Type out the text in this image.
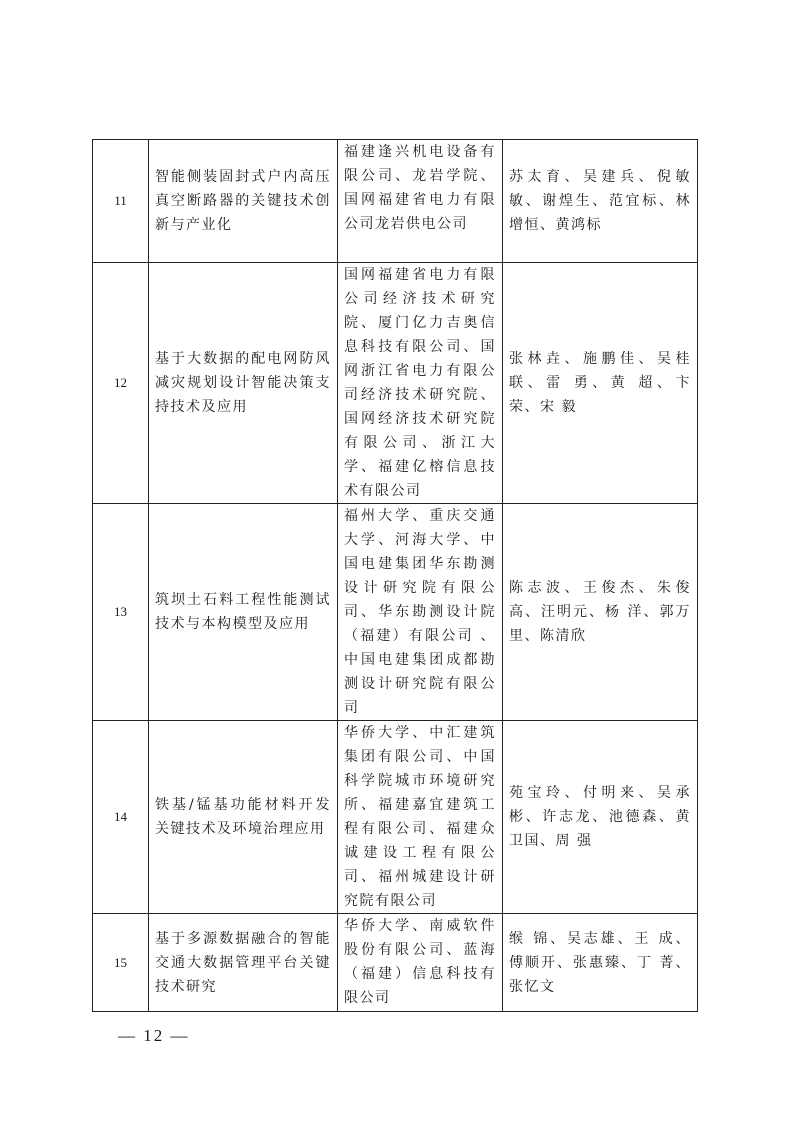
11	智能侧装固封式户内高压真空断路器的关键技术创新与产业化	福建逢兴机电设备有限公司、龙岩学院、国网福建省电力有限公司龙岩供电公司	苏太育、吴建兵、倪敏敏、谢煌生、范宜标、林增恒、黄鸿标
12	基于大数据的配电网防风减灾规划设计智能决策支持技术及应用	国网福建省电力有限公司经济技术研究院、厦门亿力吉奥信息科技有限公司、国网浙江省电力有限公司经济技术研究院、国网经济技术研究院有限公司、浙江大学、福建亿榕信息技术有限公司	张林垚、施鹏佳、吴桂联、雷 勇、黄 超、卞 荣、宋 毅
13	筑坝土石料工程性能测试技术与本构模型及应用	福州大学、重庆交通大学、河海大学、中国电建集团华东勘测设计研究院有限公司、华东勘测设计院（福建）有限公司 、中国电建集团成都勘测设计研究院有限公司	陈志波、王俊杰、朱俊高、汪明元、杨 洋、郭万里、陈清欣
14	铁基/锰基功能材料开发关键技术及环境治理应用	华侨大学、中汇建筑集团有限公司、中国科学院城市环境研究所、福建嘉宜建筑工程有限公司、福建众诚建设工程有限公司、福州城建设计研究院有限公司	苑宝玲、付明来、吴承彬、许志龙、池德森、黄卫国、周 强
15	基于多源数据融合的智能交通大数据管理平台关键技术研究	华侨大学、南威软件股份有限公司、蓝海（福建）信息科技有限公司	缑 锦、吴志雄、王 成、傅顺开、张惠臻、丁 菁、张忆文
— 12 —
